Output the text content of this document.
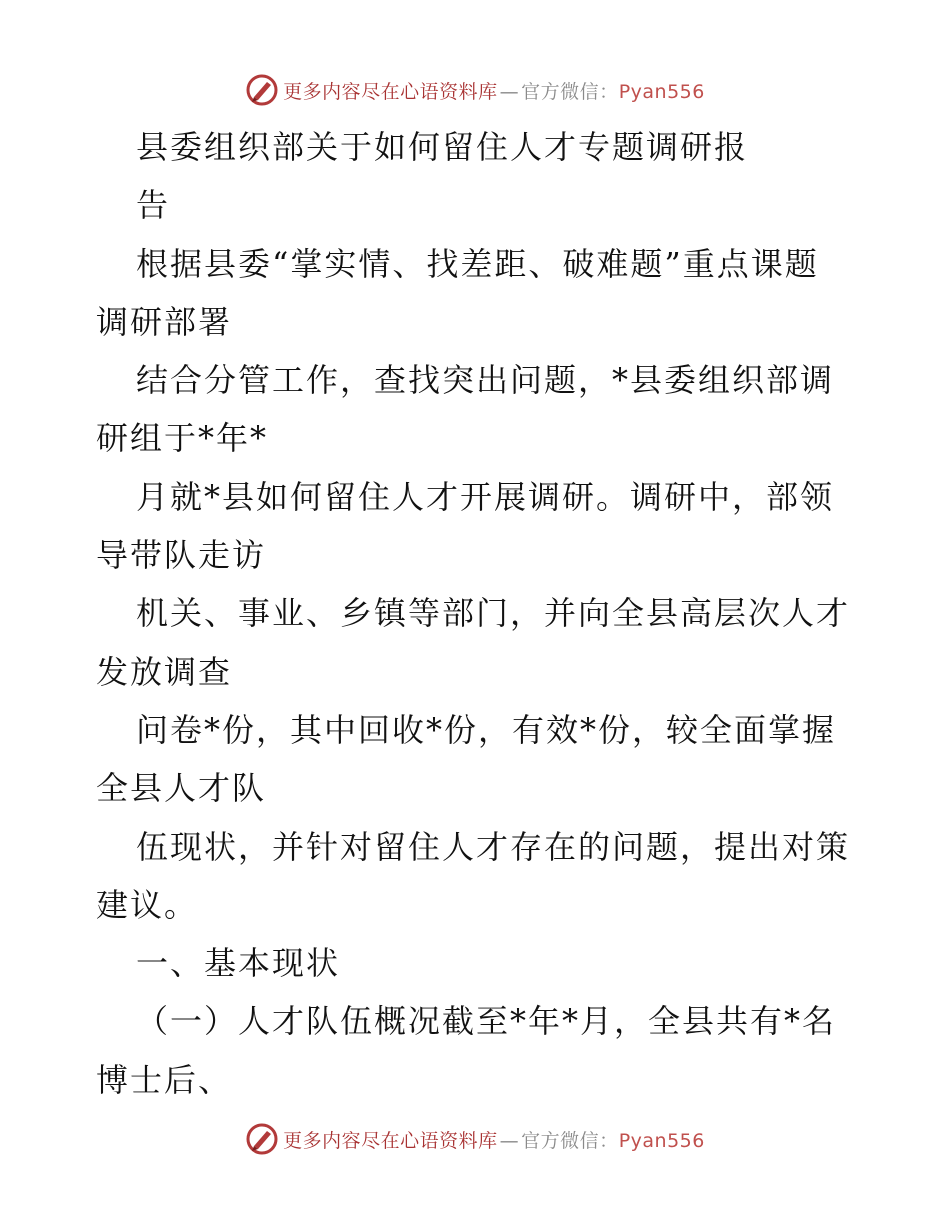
更多内容尽在心语资料库 — 官方微信：Pyan556
县委组织部关于如何留住人才专题调研报
告
根据县委“掌实情、找差距、破难题”重点课题
调研部署
结合分管工作，查找突出问题，*县委组织部调
研组于*年*
月就*县如何留住人才开展调研。调研中，部领
导带队走访
机关、事业、乡镇等部门，并向全县高层次人才
发放调查
问卷*份，其中回收*份，有效*份，较全面掌握
全县人才队
伍现状，并针对留住人才存在的问题，提出对策
建议。
一、基本现状
（一）人才队伍概况截至*年*月，全县共有*名
博士后、
更多内容尽在心语资料库 — 官方微信：Pyan556
